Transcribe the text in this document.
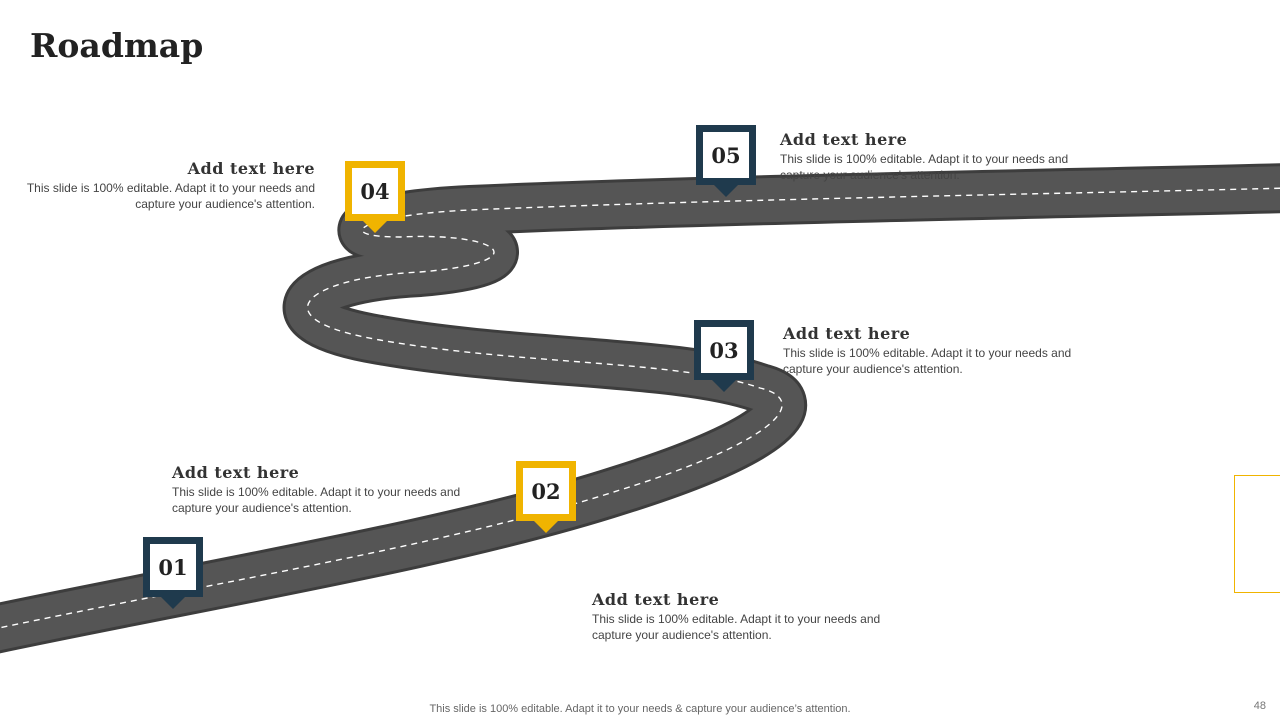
Roadmap
01
02
03
04
05
Add text here
This slide is 100% editable. Adapt it to your needs and capture your audience's attention.
Add text here
This slide is 100% editable. Adapt it to your needs and capture your audience's attention.
Add text here
This slide is 100% editable. Adapt it to your needs and capture your audience's attention.
Add text here
This slide is 100% editable. Adapt it to your needs and capture your audience's attention.
Add text here
This slide is 100% editable. Adapt it to your needs and capture your audience's attention.
This slide is 100% editable. Adapt it to your needs & capture your audience’s attention.	48
